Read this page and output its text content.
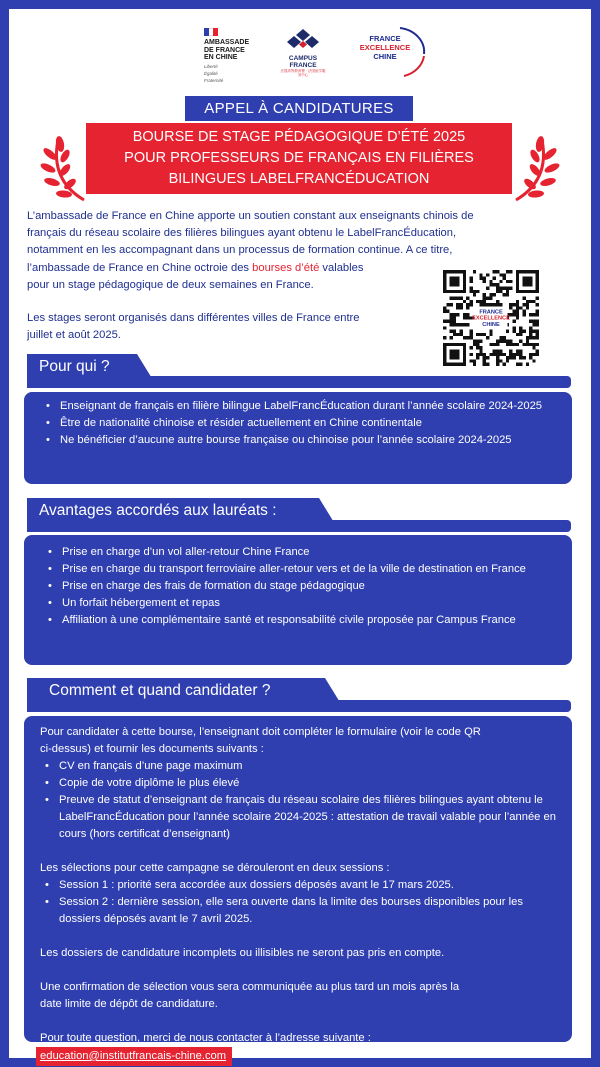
AMBASSADE
DE FRANCE
EN CHINE
Liberté
Égalité
Fraternité
CAMPUS
FRANCE
法国高等教育署 · 法国留学服务中心
FRANCE
EXCELLENCE
CHINE
APPEL À CANDIDATURES
BOURSE DE STAGE PÉDAGOGIQUE D’ÉTÉ 2025
POUR PROFESSEURS DE FRANÇAIS EN FILIÈRES
BILINGUES LABELFRANCÉDUCATION
L’ambassade de France en Chine apporte un soutien constant aux enseignants chinois de
français du réseau scolaire des filières bilingues ayant obtenu le LabelFrancÉducation,
notamment en les accompagnant dans un processus de formation continue. A ce titre,
l’ambassade de France en Chine octroie des bourses d’été valables
pour un stage pédagogique de deux semaines en France.
Les stages seront organisés dans différentes villes de France entre
juillet et août 2025.
FRANCE
EXCELLENCE
CHINE
Pour qui ?
• Enseignant de français en filière bilingue LabelFrancÉducation durant l’année scolaire 2024-2025
• Être de nationalité chinoise et résider actuellement en Chine continentale
• Ne bénéficier d’aucune autre bourse française ou chinoise pour l’année scolaire 2024-2025
Avantages accordés aux lauréats :
• Prise en charge d’un vol aller-retour Chine France
• Prise en charge du transport ferroviaire aller-retour vers et de la ville de destination en France
• Prise en charge des frais de formation du stage pédagogique
• Un forfait hébergement et repas
• Affiliation à une complémentaire santé et responsabilité civile proposée par Campus France
Comment et quand candidater ?
Pour candidater à cette bourse, l’enseignant doit compléter le formulaire (voir le code QR
ci-dessus) et fournir les documents suivants :
• CV en français d’une page maximum
• Copie de votre diplôme le plus élevé
• Preuve de statut d’enseignant de français du réseau scolaire des filières bilingues ayant obtenu le LabelFrancÉducation pour l’année scolaire 2024-2025 : attestation de travail valable pour l’année en cours (hors certificat d’enseignant)
Les sélections pour cette campagne se dérouleront en deux sessions :
• Session 1 : priorité sera accordée aux dossiers déposés avant le 17 mars 2025.
• Session 2 : dernière session, elle sera ouverte dans la limite des bourses disponibles pour les dossiers déposés avant le 7 avril 2025.
Les dossiers de candidature incomplets ou illisibles ne seront pas pris en compte.
Une confirmation de sélection vous sera communiquée au plus tard un mois après la
date limite de dépôt de candidature.
Pour toute question, merci de nous contacter à l’adresse suivante :
education@institutfrancais-chine.com
